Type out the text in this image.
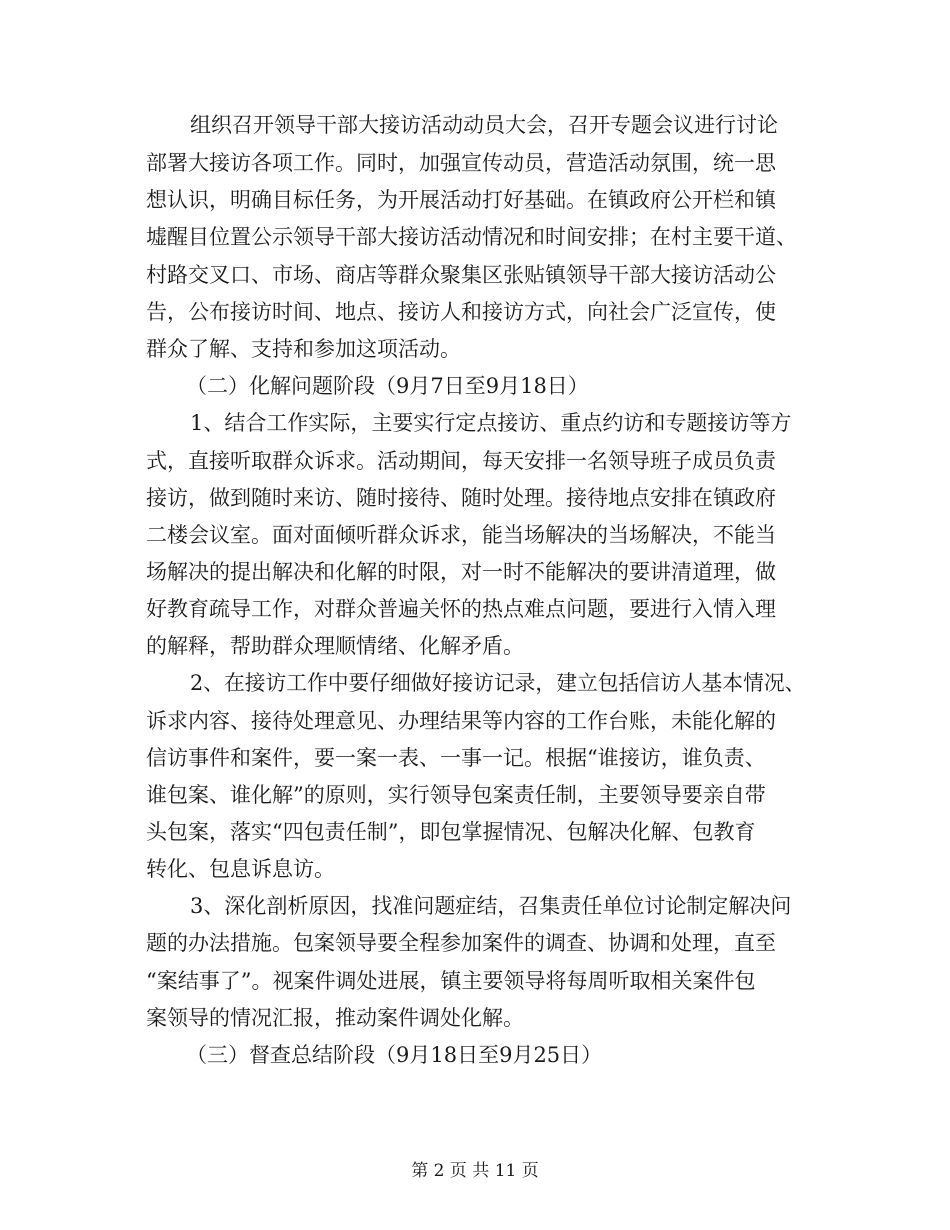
组织召开领导干部大接访活动动员大会，召开专题会议进行讨论
部署大接访各项工作。同时，加强宣传动员，营造活动氛围，统一思
想认识，明确目标任务，为开展活动打好基础。在镇政府公开栏和镇
墟醒目位置公示领导干部大接访活动情况和时间安排；在村主要干道、
村路交叉口、市场、商店等群众聚集区张贴镇领导干部大接访活动公
告，公布接访时间、地点、接访人和接访方式，向社会广泛宣传，使
群众了解、支持和参加这项活动。
（二）化解问题阶段（9月7日至9月18日）
1、结合工作实际，主要实行定点接访、重点约访和专题接访等方
式，直接听取群众诉求。活动期间，每天安排一名领导班子成员负责
接访，做到随时来访、随时接待、随时处理。接待地点安排在镇政府
二楼会议室。面对面倾听群众诉求，能当场解决的当场解决，不能当
场解决的提出解决和化解的时限，对一时不能解决的要讲清道理，做
好教育疏导工作，对群众普遍关怀的热点难点问题，要进行入情入理
的解释，帮助群众理顺情绪、化解矛盾。
2、在接访工作中要仔细做好接访记录，建立包括信访人基本情况、
诉求内容、接待处理意见、办理结果等内容的工作台账，未能化解的
信访事件和案件，要一案一表、一事一记。根据“谁接访，谁负责、
谁包案、谁化解”的原则，实行领导包案责任制，主要领导要亲自带
头包案，落实“四包责任制”，即包掌握情况、包解决化解、包教育
转化、包息诉息访。
3、深化剖析原因，找准问题症结，召集责任单位讨论制定解决问
题的办法措施。包案领导要全程参加案件的调查、协调和处理，直至
“案结事了”。视案件调处进展，镇主要领导将每周听取相关案件包
案领导的情况汇报，推动案件调处化解。
（三）督查总结阶段（9月18日至9月25日）
第 2 页 共 11 页
